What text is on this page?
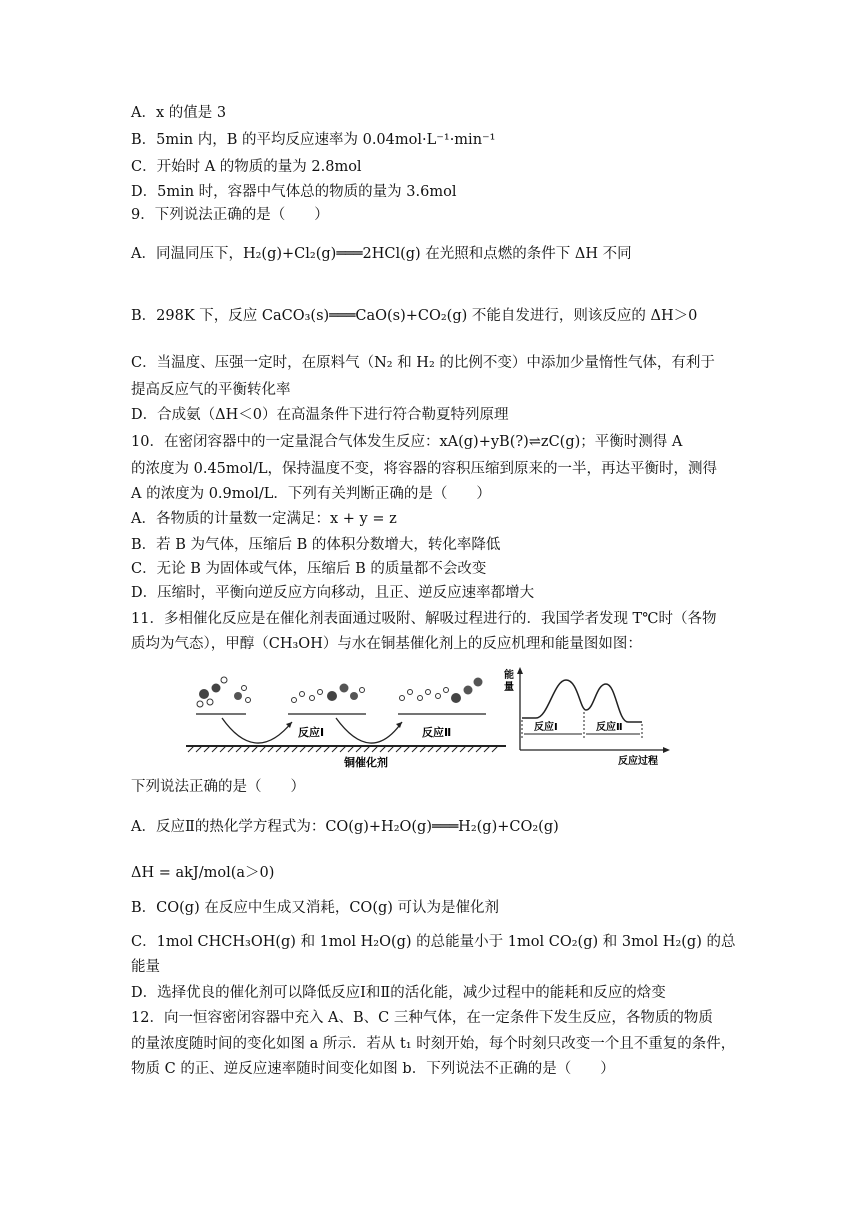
A．x 的值是 3
B．5min 内，B 的平均反应速率为 0.04mol·L⁻¹·min⁻¹
C．开始时 A 的物质的量为 2.8mol
D．5min 时，容器中气体总的物质的量为 3.6mol
9．下列说法正确的是（　　）
A．同温同压下，H₂(g)+Cl₂(g)═══2HCl(g) 在光照和点燃的条件下 ΔH 不同
B．298K 下，反应 CaCO₃(s)═══CaO(s)+CO₂(g) 不能自发进行，则该反应的 ΔH＞0
C．当温度、压强一定时，在原料气（N₂ 和 H₂ 的比例不变）中添加少量惰性气体，有利于
提高反应气的平衡转化率
D．合成氨（ΔH＜0）在高温条件下进行符合勒夏特列原理
10．在密闭容器中的一定量混合气体发生反应：xA(g)+yB(?)⇌zC(g)；平衡时测得 A
的浓度为 0.45mol/L，保持温度不变，将容器的容积压缩到原来的一半，再达平衡时，测得
A 的浓度为 0.9mol/L．下列有关判断正确的是（　　）
A．各物质的计量数一定满足：x + y = z
B．若 B 为气体，压缩后 B 的体积分数增大，转化率降低
C．无论 B 为固体或气体，压缩后 B 的质量都不会改变
D．压缩时，平衡向逆反应方向移动，且正、逆反应速率都增大
11．多相催化反应是在催化剂表面通过吸附、解吸过程进行的．我国学者发现 T℃时（各物
质均为气态），甲醇（CH₃OH）与水在铜基催化剂上的反应机理和能量图如图：
下列说法正确的是（　　）
A．反应Ⅱ的热化学方程式为：CO(g)+H₂O(g)═══H₂(g)+CO₂(g)
ΔH = akJ/mol(a＞0)
B．CO(g) 在反应中生成又消耗，CO(g) 可认为是催化剂
C．1mol CHCH₃OH(g) 和 1mol H₂O(g) 的总能量小于 1mol CO₂(g) 和 3mol H₂(g) 的总
能量
D．选择优良的催化剂可以降低反应Ⅰ和Ⅱ的活化能，减少过程中的能耗和反应的焓变
12．向一恒容密闭容器中充入 A、B、C 三种气体，在一定条件下发生反应，各物质的物质
的量浓度随时间的变化如图 a 所示．若从 t₁ 时刻开始，每个时刻只改变一个且不重复的条件，
物质 C 的正、逆反应速率随时间变化如图 b．下列说法不正确的是（　　）
铜催化剂
反应Ⅰ	反应Ⅱ
能
量
反应Ⅰ	反应Ⅱ
反应过程
